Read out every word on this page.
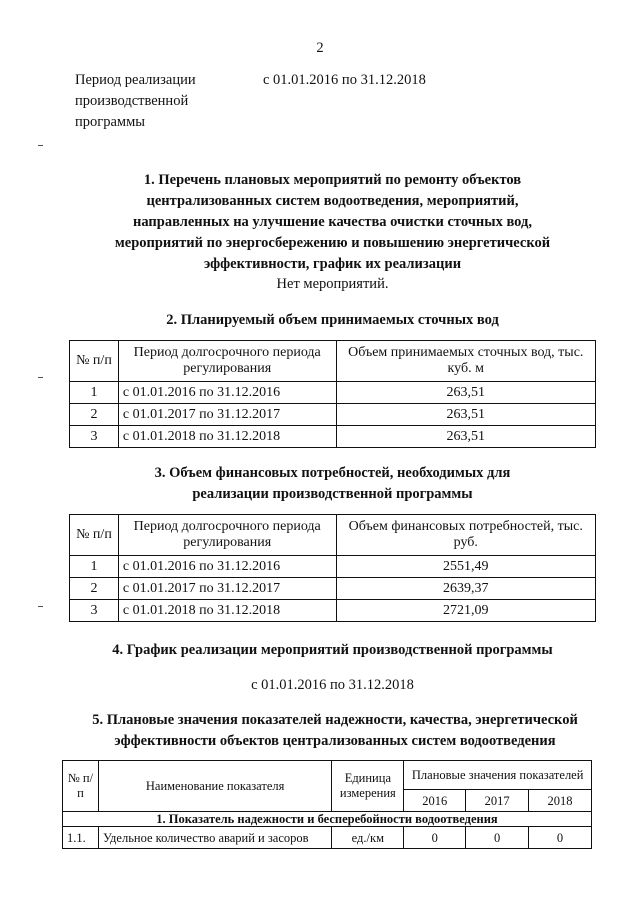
2
Период реализации
производственной
программы
с 01.01.2016 по 31.12.2018
1. Перечень плановых мероприятий по ремонту объектов
централизованных систем водоотведения, мероприятий,
направленных на улучшение качества очистки сточных вод,
мероприятий по энергосбережению и повышению энергетической
эффективности, график их реализации
Нет мероприятий.
2. Планируемый объем принимаемых сточных вод
№ п/п	Период долгосрочного периода регулирования	Объем принимаемых сточных вод, тыс. куб. м
1	с 01.01.2016 по 31.12.2016	263,51
2	с 01.01.2017 по 31.12.2017	263,51
3	с 01.01.2018 по 31.12.2018	263,51
3. Объем финансовых потребностей, необходимых для
реализации производственной программы
№ п/п	Период долгосрочного периода регулирования	Объем финансовых потребностей, тыс. руб.
1	с 01.01.2016 по 31.12.2016	2551,49
2	с 01.01.2017 по 31.12.2017	2639,37
3	с 01.01.2018 по 31.12.2018	2721,09
4. График реализации мероприятий производственной программы
с 01.01.2016 по 31.12.2018
5. Плановые значения показателей надежности, качества, энергетической
эффективности объектов централизованных систем водоотведения
№ п/п	Наименование показателя	Единица измерения	Плановые значения показателей		
			2016	2017	2018
1. Показатель надежности и бесперебойности водоотведения					
1.1.	Удельное количество аварий и засоров	ед./км	0	0	0
